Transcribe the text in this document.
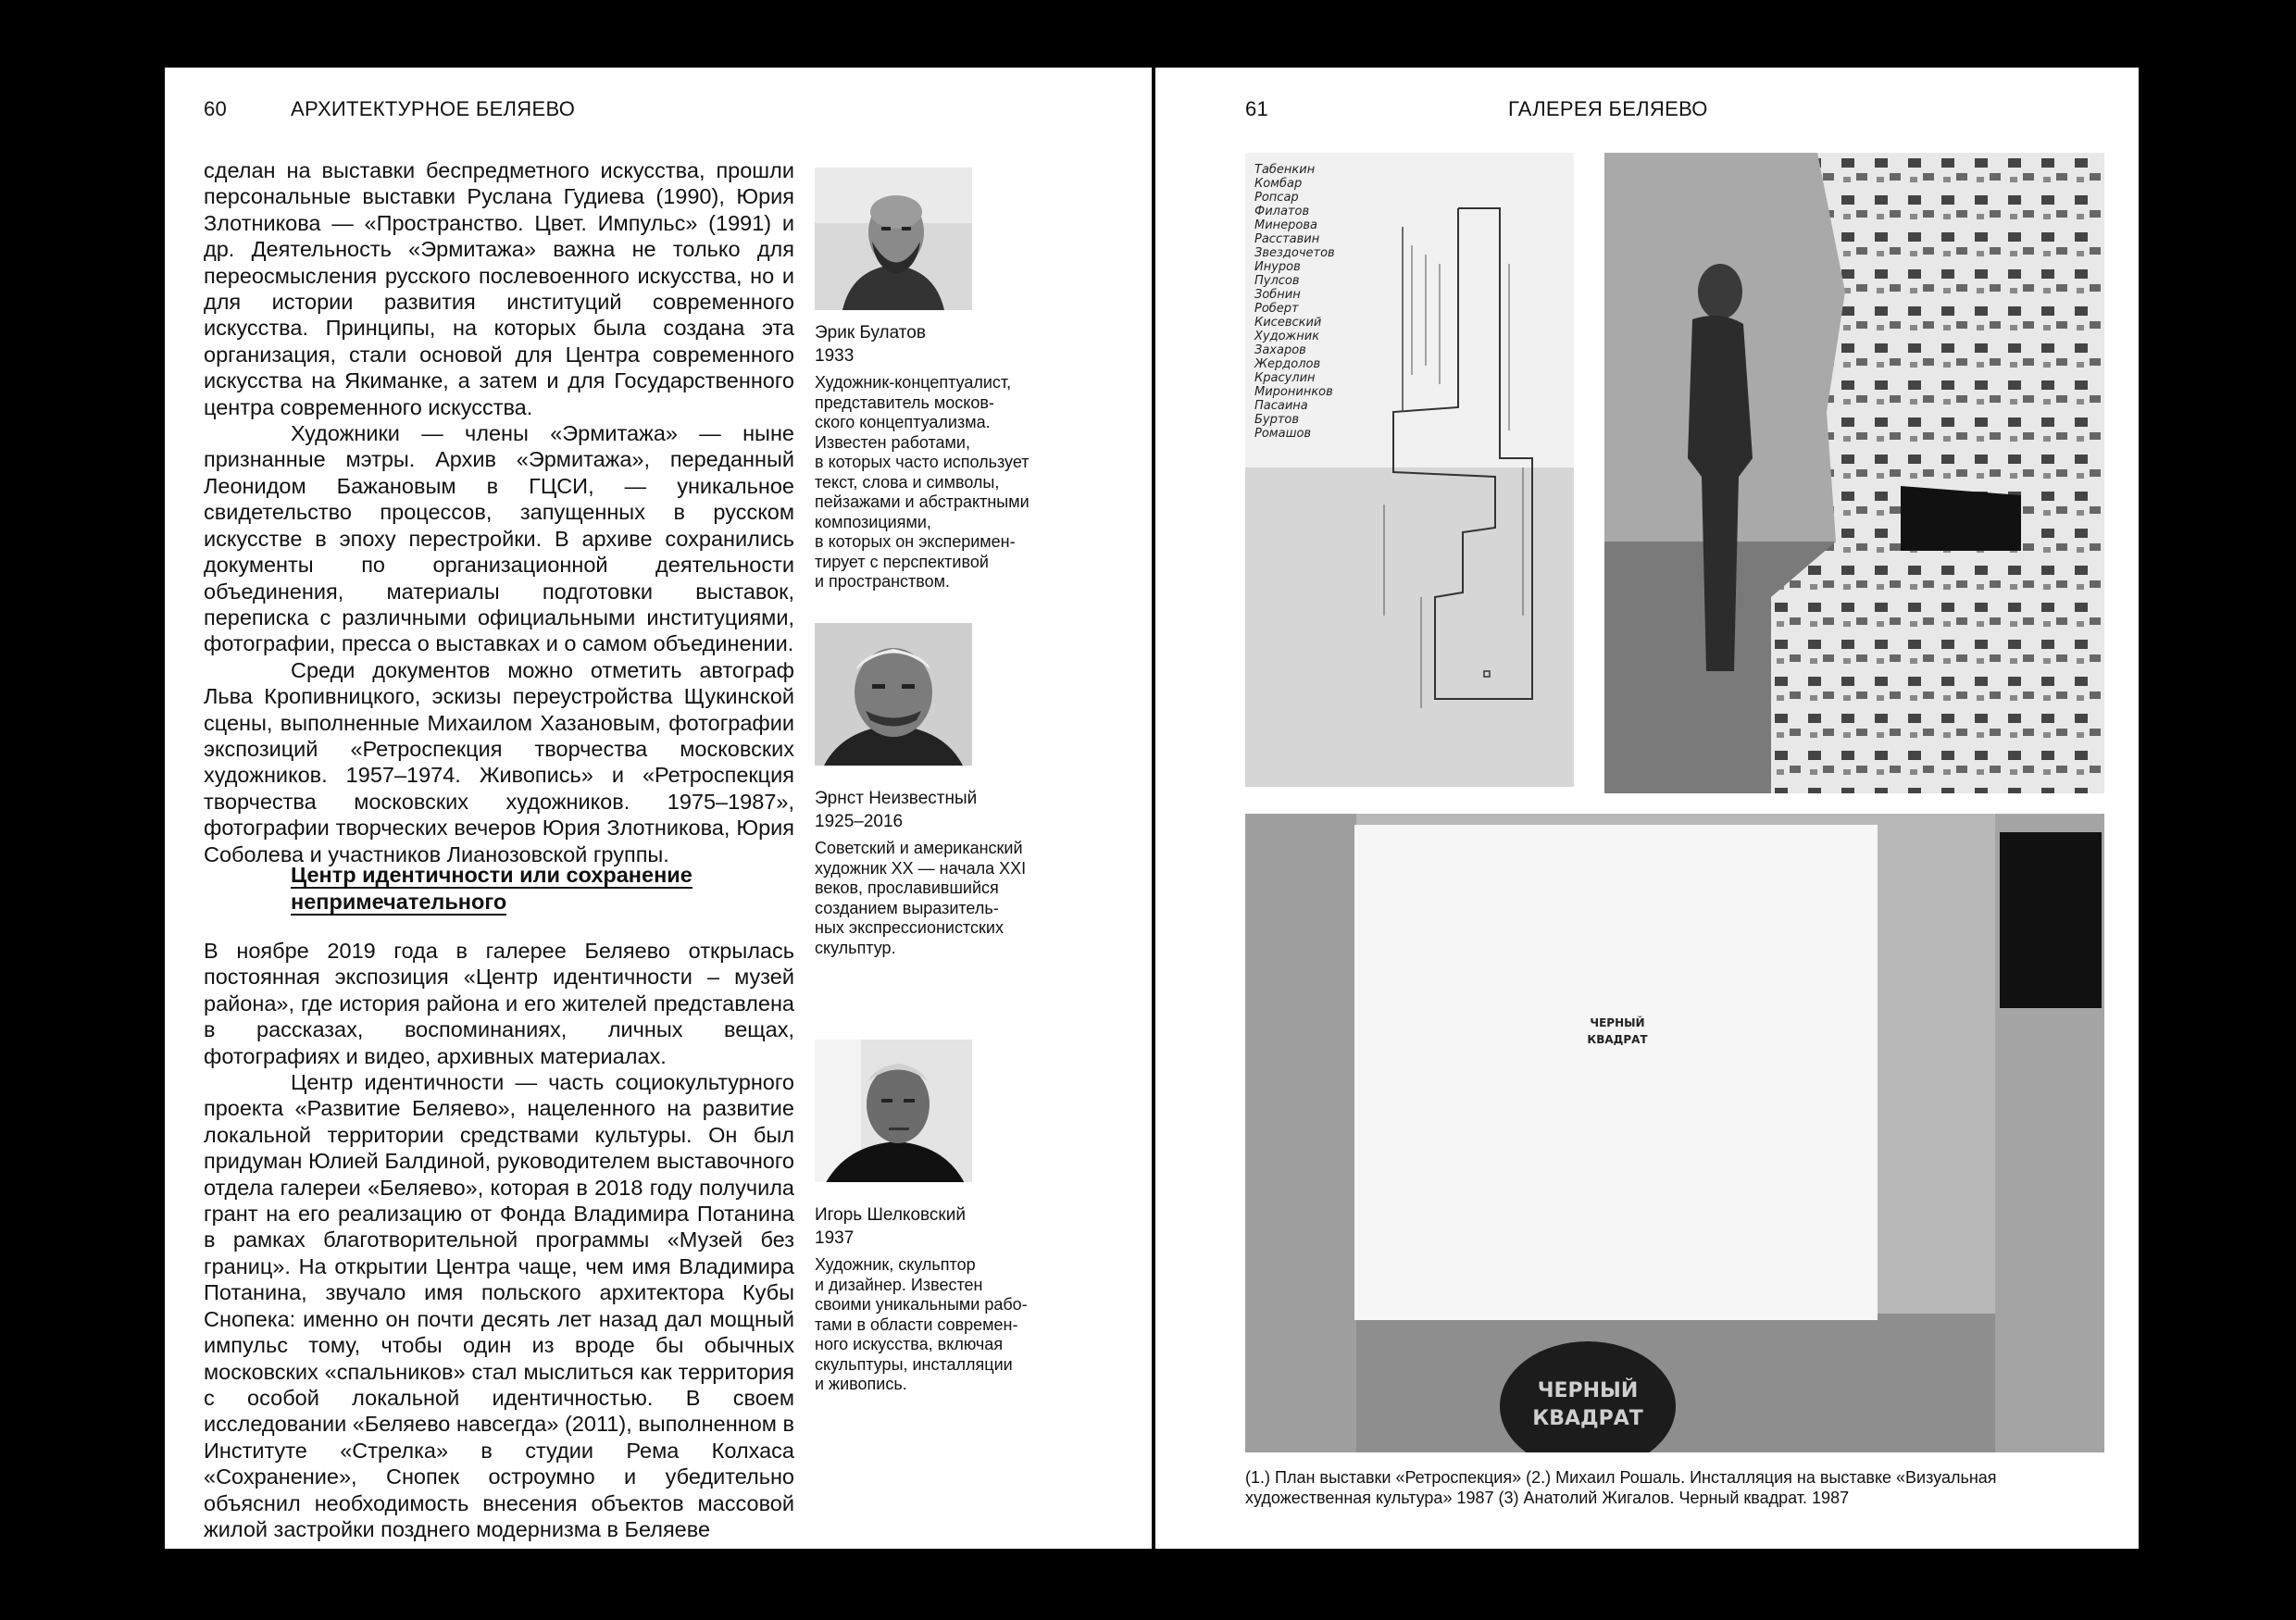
60	АРХИТЕКТУРНОЕ БЕЛЯЕВО

сделан на выставки беспредметного искусства, прошли персональные выставки Руслана Гудиева (1990), Юрия Злотникова — «Пространство. Цвет. Импульс» (1991) и др. Деятельность «Эрмитажа» важна не только для переосмысления русского послевоенного искусства, но и для истории развития институций современного искусства. Принципы, на которых была создана эта организация, стали основой для Центра современного искусства на Якиманке, а затем и для Государственного центра современного искусства.

Художники — члены «Эрмитажа» — ныне признанные мэтры. Архив «Эрмитажа», переданный Леонидом Бажановым в ГЦСИ, — уникальное свидетельство процессов, запущенных в русском искусстве в эпоху перестройки. В архиве сохранились документы по организационной деятельности объединения, материалы подготовки выставок, переписка с различными официальными институциями, фотографии, пресса о выставках и о самом объединении.

Среди документов можно отметить автограф Льва Кропивницкого, эскизы переустройства Щукинской сцены, выполненные Михаилом Хазановым, фотографии экспозиций «Ретроспекция творчества московских художников. 1957–1974. Живопись» и «Ретроспекция творчества московских художников. 1975–1987», фотографии творческих вечеров Юрия Злотникова, Юрия Соболева и участников Лианозовской группы.

Центр идентичности или сохранение
непримечательного

В ноябре 2019 года в галерее Беляево открылась постоянная экспозиция «Центр идентичности – музей района», где история района и его жителей представлена в рассказах, воспоминаниях, личных вещах, фотографиях и видео, архивных материалах.

Центр идентичности — часть социокультурного проекта «Развитие Беляево», нацеленного на развитие локальной территории средствами культуры. Он был придуман Юлией Балдиной, руководителем выставочного отдела галереи «Беляево», которая в 2018 году получила грант на его реализацию от Фонда Владимира Потанина в рамках благотворительной программы «Музей без границ». На открытии Центра чаще, чем имя Владимира Потанина, звучало имя польского архитектора Кубы Снопека: именно он почти десять лет назад дал мощный импульс тому, чтобы один из вроде бы обычных московских «спальников» стал мыслиться как территория с особой локальной идентичностью. В своем исследовании «Беляево навсегда» (2011), выполненном в Институте «Стрелка» в студии Рема Колхаса «Сохранение», Снопек остроумно и убедительно объяснил необходимость внесения объектов массовой жилой застройки позднего модернизма в Беляеве

Эрик Булатов
1933
Художник-концептуалист,
представитель москов-
ского концептуализма.
Известен работами,
в которых часто использует
текст, слова и символы,
пейзажами и абстрактными
композициями,
в которых он эксперимен-
тирует с перспективой
и пространством.
Эрнст Неизвестный
1925–2016
Советский и американский
художник XX — начала XXI
веков, прославившийся
созданием выразитель-
ных экспрессионистских
скульптур.
Игорь Шелковский
1937
Художник, скульптор
и дизайнер. Известен
своими уникальными рабо-
тами в области современ-
ного искусства, включая
скульптуры, инсталляции
и живопись.
61	ГАЛЕРЕЯ БЕЛЯЕВО
Табенкин
Комбар
Ропсар
Филатов
Минерова
Расставин
Звездочетов
Инуров
Пулсов
Зобнин
Роберт
Кисевский
Художник
Захаров
Жердолов
Красулин
Миронинков
Пасаина
Буртов
Ромашов
ЧЕРНЫЙ
КВАДРАТ
ЧЕРНЫЙ
КВАДРАТ
(1.) План выставки «Ретроспекция» (2.) Михаил Рошаль. Инсталляция на выставке «Визуальная художественная культура» 1987 (3) Анатолий Жигалов. Черный квадрат. 1987
